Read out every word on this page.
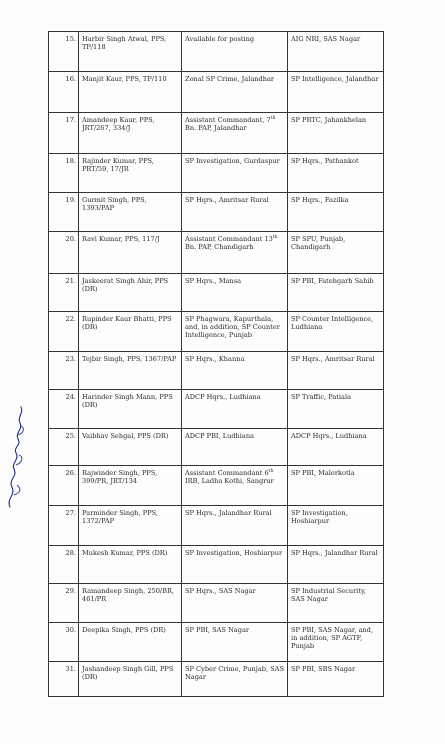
15.	Harbir Singh Atwal, PPS, TP/118	Available for posting	AIG NRI, SAS Nagar
16.	Manjit Kaur, PPS, TP/110	Zonal SP Crime, Jalandhar	SP Intelligence, Jalandhar
17.	Amandeep Kaur, PPS, JRT/267, 334/J	Assistant Commandant, 7th Bn. PAP, Jalandhar	SP PRTC, Jahankhelan
18.	Rajinder Kumar, PPS, PRT/59, 17/JR	SP Investigation, Gurdaspur	SP Hqrs., Pathankot
19.	Gurmit Singh, PPS, 1393/PAP	SP Hqrs., Amritsar Rural	SP Hqrs., Fazilka
20.	Ravi Kumar, PPS, 117/J	Assistant Commandant 13th Bn. PAP, Chandigarh	SP SPU, Punjab, Chandigarh
21.	Jaskeerat Singh Ahir, PPS (DR)	SP Hqrs., Mansa	SP PBI, Fatehgarh Sahib
22.	Rupinder Kaur Bhatti, PPS (DR)	SP Phagwara, Kapurthala, and, in addition, SP Counter Intelligence, Punjab	SP Counter Intelligence, Ludhiana
23.	Tejbir Singh, PPS, 1367/PAP	SP Hqrs., Khanna	SP Hqrs., Amritsar Rural
24.	Harinder Singh Mann, PPS (DR)	ADCP Hqrs., Ludhiana	SP Traffic, Patiala
25.	Vaibhav Sehgal, PPS (DR)	ADCP PBI, Ludhiana	ADCP Hqrs., Ludhiana
26.	Rajwinder Singh, PPS, 399/PR, JRT/134	Assistant Commandant 6th IRB, Ladha Kothi, Sangrur	SP PBI, Malerkotla
27.	Parminder Singh, PPS, 1372/PAP	SP Hqrs., Jalandhar Rural	SP Investigation, Hoshiarpur
28.	Mukesh Kumar, PPS (DR)	SP Investigation, Hoshiarpur	SP Hqrs., Jalandhar Rural
29.	Ramandeep Singh, 250/BR, 461/PR	SP Hqrs., SAS Nagar	SP Industrial Security, SAS Nagar
30.	Deepika Singh, PPS (DR)	SP PBI, SAS Nagar	SP PBI, SAS Nagar, and, in addition, SP AGTF, Punjab
31.	Jashandeep Singh Gill, PPS (DR)	SP Cyber Crime, Punjab, SAS Nagar	SP PBI, SBS Nagar
